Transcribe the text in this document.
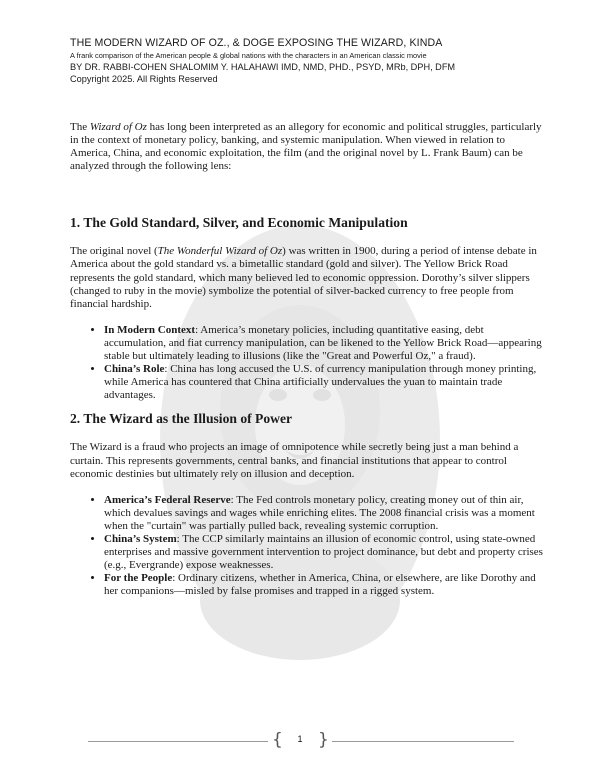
THE MODERN WIZARD OF OZ., & DOGE EXPOSING THE WIZARD, KINDA
A frank comparison of the American people & global nations with the characters in an American classic movie
BY DR. RABBI-COHEN SHALOMIM Y. HALAHAWI IMD, NMD, PHD., PSYD, MRb, DPH, DFM
Copyright 2025. All Rights Reserved

The Wizard of Oz has long been interpreted as an allegory for economic and political struggles, particularly in the context of monetary policy, banking, and systemic manipulation. When viewed in relation to America, China, and economic exploitation, the film (and the original novel by L. Frank Baum) can be analyzed through the following lens:

1. The Gold Standard, Silver, and Economic Manipulation

The original novel (The Wonderful Wizard of Oz) was written in 1900, during a period of intense debate in America about the gold standard vs. a bimetallic standard (gold and silver). The Yellow Brick Road represents the gold standard, which many believed led to economic oppression. Dorothy’s silver slippers (changed to ruby in the movie) symbolize the potential of silver-backed currency to free people from financial hardship.

• In Modern Context: America’s monetary policies, including quantitative easing, debt accumulation, and fiat currency manipulation, can be likened to the Yellow Brick Road—appearing stable but ultimately leading to illusions (like the "Great and Powerful Oz," a fraud).
• China’s Role: China has long accused the U.S. of currency manipulation through money printing, while America has countered that China artificially undervalues the yuan to maintain trade advantages.
2. The Wizard as the Illusion of Power

The Wizard is a fraud who projects an image of omnipotence while secretly being just a man behind a curtain. This represents governments, central banks, and financial institutions that appear to control economic destinies but ultimately rely on illusion and deception.

• America’s Federal Reserve: The Fed controls monetary policy, creating money out of thin air, which devalues savings and wages while enriching elites. The 2008 financial crisis was a moment when the "curtain" was partially pulled back, revealing systemic corruption.
• China’s System: The CCP similarly maintains an illusion of economic control, using state-owned enterprises and massive government intervention to project dominance, but debt and property crises (e.g., Evergrande) expose weaknesses.
• For the People: Ordinary citizens, whether in America, China, or elsewhere, are like Dorothy and her companions—misled by false promises and trapped in a rigged system.
{	1 }
